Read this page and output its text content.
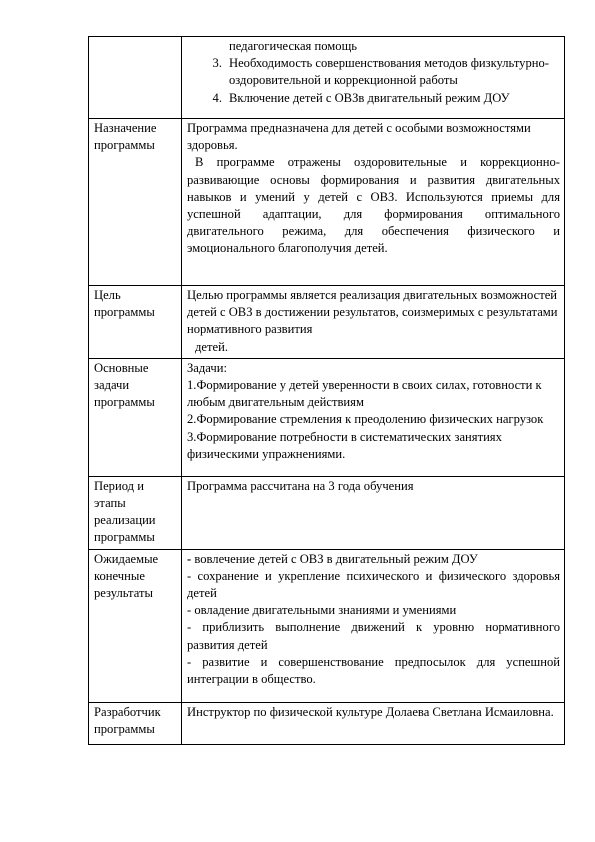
	педагогическая помощь
3. Необходимость совершенствования методов физкультурно-оздоровительной и коррекционной работы
4. Включение детей с ОВЗв двигательный режим ДОУ

Назначение программы	Программа предназначена для детей с особыми возможностями здоровья.

В программе отражены оздоровительные и коррекционно-развивающие основы формирования и развития двигательных навыков и умений у детей с ОВЗ. Используются приемы для успешной адаптации, для формирования оптимального двигательного режима, для обеспечения физического и эмоционального благополучия детей.

Цель программы	Целью программы является реализация двигательных возможностей детей с ОВЗ в достижении результатов, соизмеримых с результатами нормативного развития
детей.

Основные задачи программы	Задачи:
1.Формирование у детей уверенности в своих силах, готовности к любым двигательным действиям
2.Формирование стремления к преодолению физических нагрузок
3.Формирование потребности в систематических занятиях физическими упражнениями.

Период и этапы реализации программы	Программа рассчитана на 3 года обучения

Ожидаемые конечные результаты	- вовлечение детей с ОВЗ в двигательный режим ДОУ
- сохранение и укрепление психического и физического здоровья детей
- овладение двигательными знаниями и умениями
- приблизить выполнение движений к уровню нормативного развития детей
- развитие и совершенствование предпосылок для успешной интеграции в общество.

Разработчик программы	Инструктор по физической культуре Долаева Светлана Исмаиловна.
